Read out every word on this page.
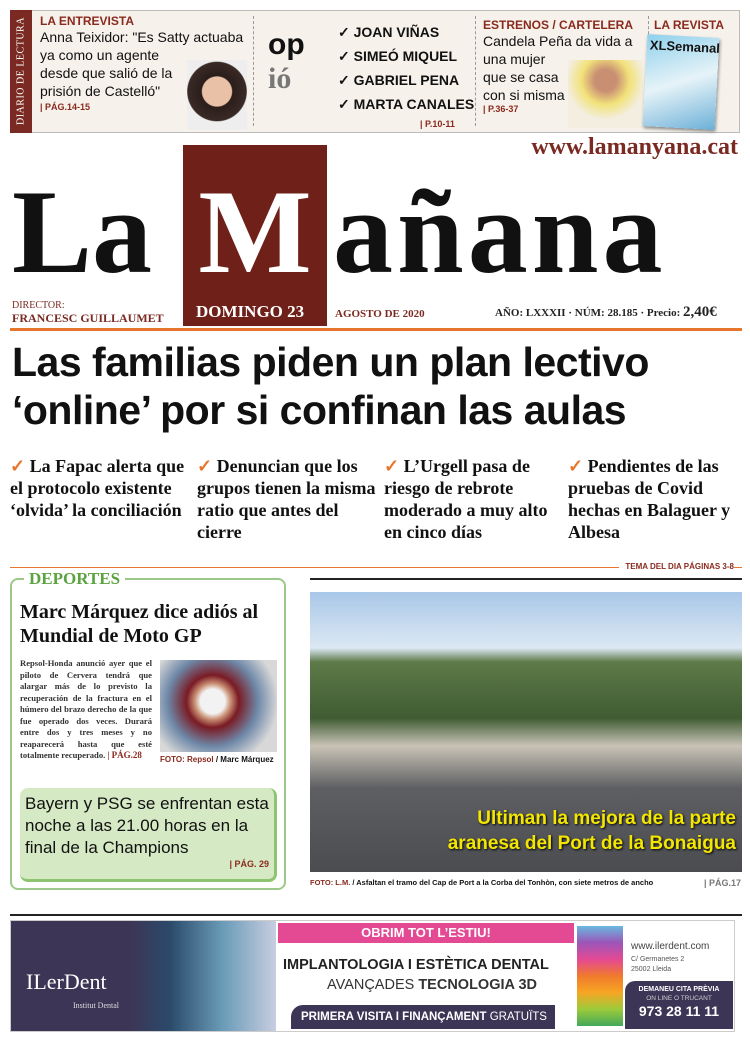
DIARIO DE LECTURA	LA ENTREVISTA
Anna Teixidor: "Es Satty actuaba ya como un agente desde que salió de la prisión de Castelló"
| PÁG.14-15
op
ió
✓ JOAN VIÑAS
✓ SIMEÓ MIQUEL
✓ GABRIEL PENA
✓ MARTA CANALES
| P.10-11
ESTRENOS / CARTELERA
Candela Peña da vida a una mujer que se casa con si misma
| P.36-37
LA REVISTA
XLSemanal
www.lamanyana.cat
La M añana
DOMINGO 23
DIRECTOR:
FRANCESC GUILLAUMET	AGOSTO DE 2020	AÑO: LXXXII · NÚM: 28.185 · Precio: 2,40€
Las familias piden un plan lectivo ‘online’ por si confinan las aulas
✓ La Fapac alerta que el protocolo existente ‘olvida’ la conciliación
✓ Denuncian que los grupos tienen la misma ratio que antes del cierre
✓ L’Urgell pasa de riesgo de rebrote moderado a muy alto en cinco días
✓ Pendientes de las pruebas de Covid hechas en Balaguer y Albesa
TEMA DEL DIA PÁGINAS 3-8
DEPORTES
Marc Márquez dice adiós al Mundial de Moto GP
Repsol-Honda anunció ayer que el piloto de Cervera tendrá que alargar más de lo previsto la recuperación de la fractura en el húmero del brazo derecho de la que fue operado dos veces. Durará entre dos y tres meses y no reaparecerá hasta que esté totalmente recuperado. | PÁG.28	FOTO: Repsol / Marc Márquez
Bayern y PSG se enfrentan esta noche a las 21.00 horas en la final de la Champions
| PÁG. 29
Ultiman la mejora de la parte
aranesa del Port de la Bonaigua
FOTO: L.M. / Asfaltan el tramo del Cap de Port a la Corba del Tonhòn, con siete metros de ancho	| PÁG.17
ILerDent
Institut Dental
OBRIM TOT L’ESTIU!
IMPLANTOLOGIA I ESTÈTICA DENTAL
AVANÇADES TECNOLOGIA 3D
PRIMERA VISITA I FINANÇAMENT GRATUÏTS
www.ilerdent.com
C/ Germanetes 2
25002 Lleida
DEMANEU CITA PRÈVIA
ON LINE O TRUCANT
973 28 11 11
